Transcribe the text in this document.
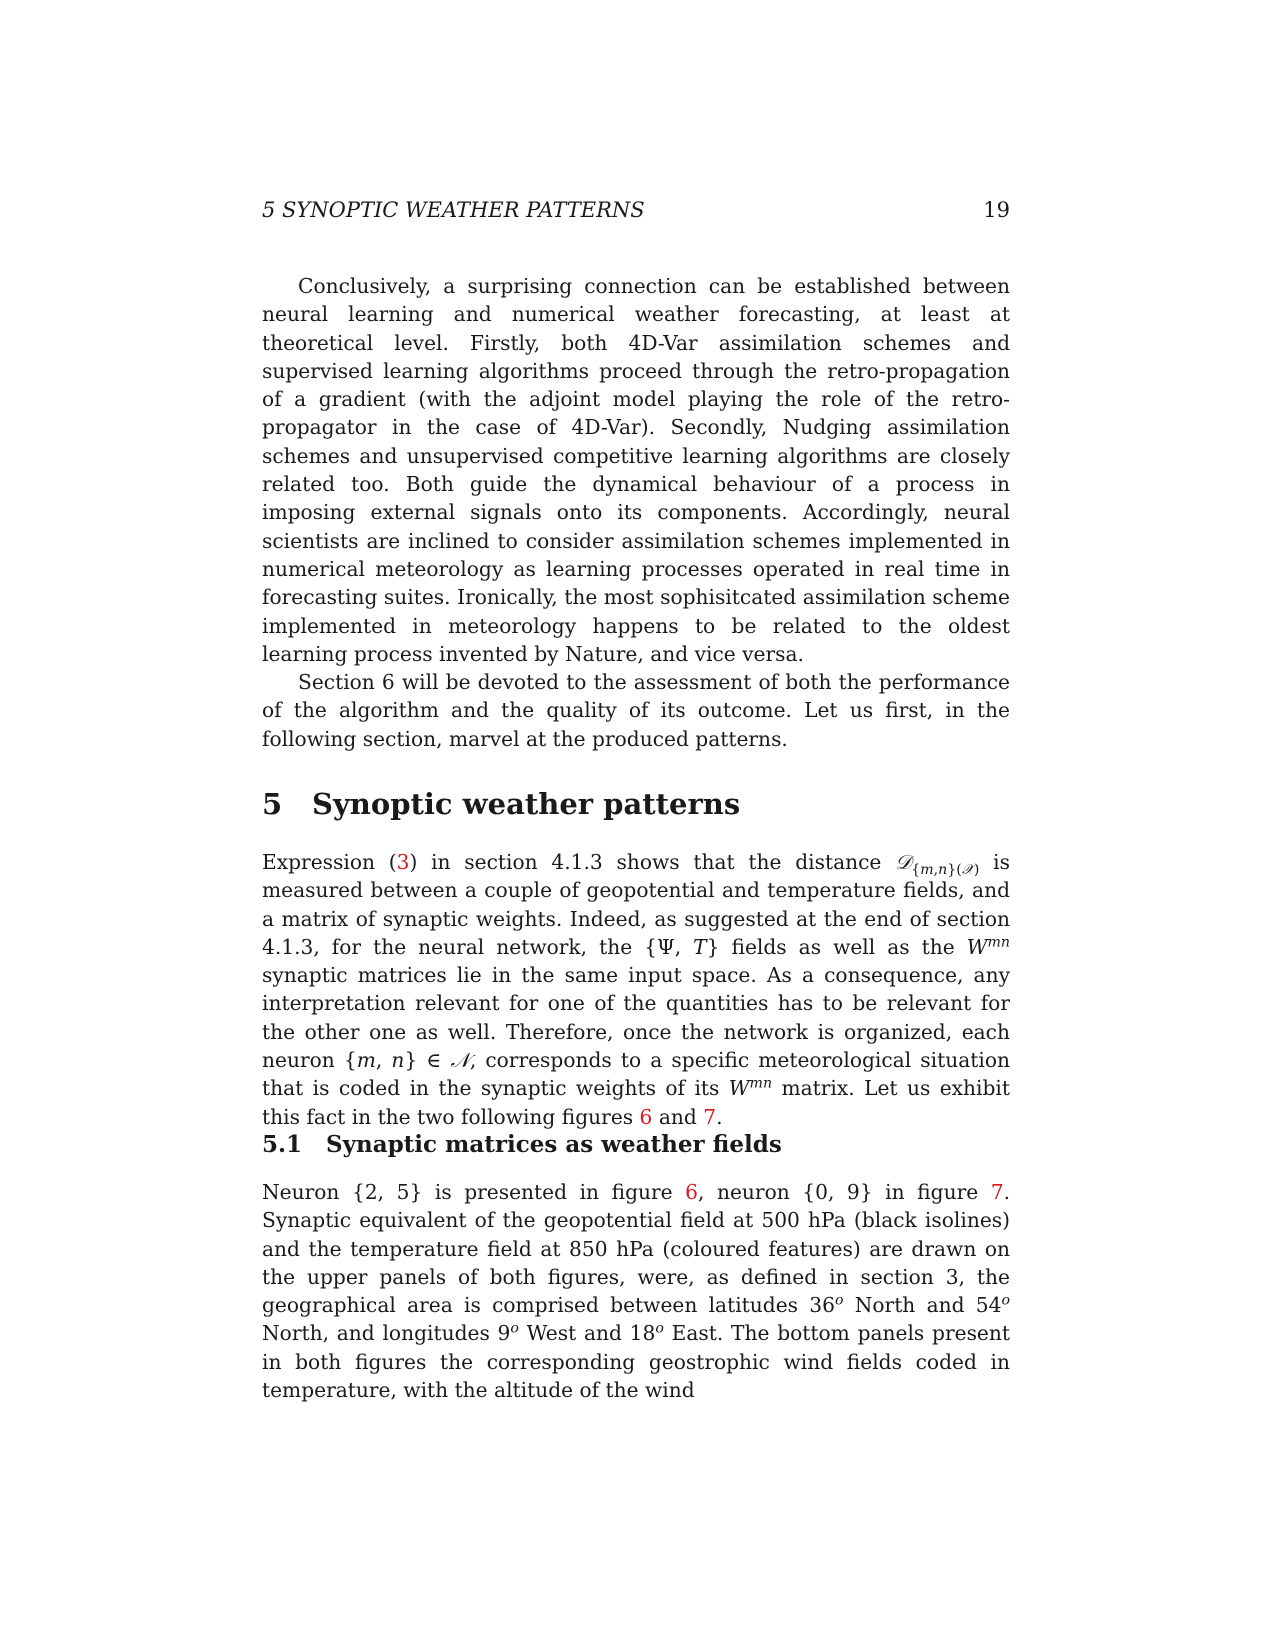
5 SYNOPTIC WEATHER PATTERNS	19

Conclusively, a surprising connection can be established between neural learning and numerical weather forecasting, at least at theoretical level. Firstly, both 4D-Var assimilation schemes and supervised learning algorithms proceed through the retro-propagation of a gradient (with the adjoint model playing the role of the retro-propagator in the case of 4D-Var). Secondly, Nudging assimilation schemes and unsupervised competitive learning algorithms are closely related too. Both guide the dynamical behaviour of a process in imposing external signals onto its components. Accordingly, neural scientists are inclined to consider assimilation schemes implemented in numerical meteorology as learning processes operated in real time in forecasting suites. Ironically, the most sophisitcated assimilation scheme implemented in meteorology happens to be related to the oldest learning process invented by Nature, and vice versa.

Section 6 will be devoted to the assessment of both the performance of the algorithm and the quality of its outcome. Let us first, in the following section, marvel at the produced patterns.

5 Synoptic weather patterns

Expression (3) in section 4.1.3 shows that the distance 𝒟$_{\{m,n\}(𝒳)}$ is measured between a couple of geopotential and temperature fields, and a matrix of synaptic weights. Indeed, as suggested at the end of section 4.1.3, for the neural network, the {Ψ, T} fields as well as the $W^{mn}$ synaptic matrices lie in the same input space. As a consequence, any interpretation relevant for one of the quantities has to be relevant for the other one as well. Therefore, once the network is organized, each neuron {m, n} ∈ 𝒩, corresponds to a specific meteorological situation that is coded in the synaptic weights of its $W^{mn}$ matrix. Let us exhibit this fact in the two following figures 6 and 7.

5.1 Synaptic matrices as weather fields

Neuron {2, 5} is presented in figure 6, neuron {0, 9} in figure 7. Synaptic equivalent of the geopotential field at 500 hPa (black isolines) and the temperature field at 850 hPa (coloured features) are drawn on the upper panels of both figures, were, as defined in section 3, the geographical area is comprised between latitudes 36$^o$ North and 54$^o$ North, and longitudes 9$^o$ West and 18$^o$ East. The bottom panels present in both figures the corresponding geostrophic wind fields coded in temperature, with the altitude of the wind
